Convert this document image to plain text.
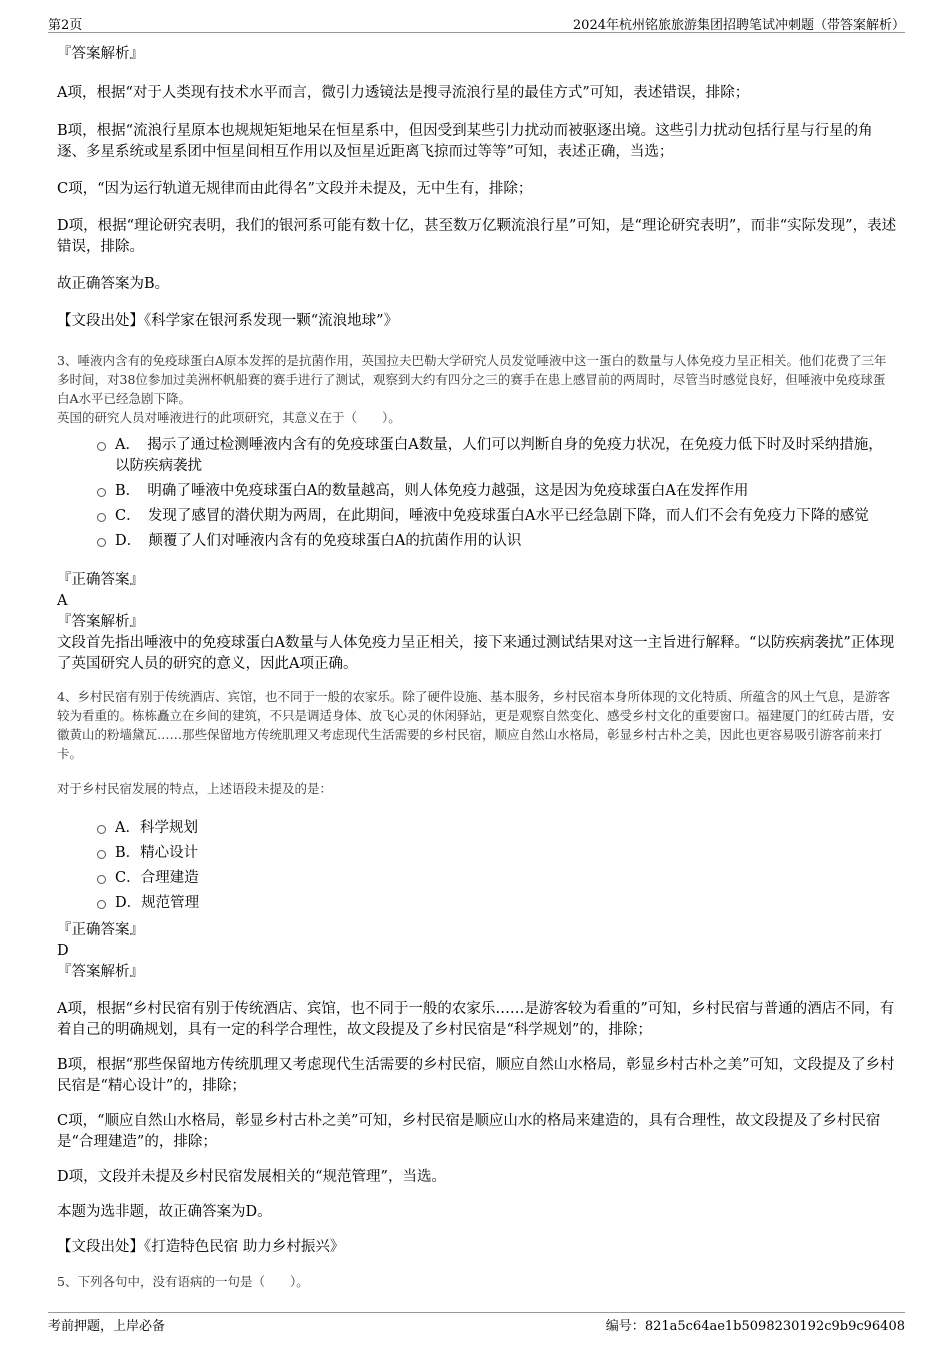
第2页	2024年杭州铭旅旅游集团招聘笔试冲刺题（带答案解析）

『答案解析』

A项，根据“对于人类现有技术水平而言，微引力透镜法是搜寻流浪行星的最佳方式”可知，表述错误，排除；

B项，根据“流浪行星原本也规规矩矩地呆在恒星系中，但因受到某些引力扰动而被驱逐出境。这些引力扰动包括行星与行星的角逐、多星系统或星系团中恒星间相互作用以及恒星近距离飞掠而过等等”可知，表述正确，当选；

C项，“因为运行轨道无规律而由此得名”文段并未提及，无中生有，排除；

D项，根据“理论研究表明，我们的银河系可能有数十亿，甚至数万亿颗流浪行星”可知，是“理论研究表明”，而非“实际发现”，表述错误，排除。

故正确答案为B。

【文段出处】《科学家在银河系发现一颗“流浪地球”》

3、唾液内含有的免疫球蛋白A原本发挥的是抗菌作用，英国拉夫巴勒大学研究人员发觉唾液中这一蛋白的数量与人体免疫力呈正相关。他们花费了三年多时间，对38位参加过美洲杯帆船赛的赛手进行了测试，观察到大约有四分之三的赛手在患上感冒前的两周时，尽管当时感觉良好，但唾液中免疫球蛋白A水平已经急剧下降。

英国的研究人员对唾液进行的此项研究，其意义在于（　　）。

A．　揭示了通过检测唾液内含有的免疫球蛋白A数量，人们可以判断自身的免疫力状况，在免疫力低下时及时采纳措施，以防疾病袭扰
B．　明确了唾液中免疫球蛋白A的数量越高，则人体免疫力越强，这是因为免疫球蛋白A在发挥作用
C．　发现了感冒的潜伏期为两周，在此期间，唾液中免疫球蛋白A水平已经急剧下降，而人们不会有免疫力下降的感觉
D．　颠覆了人们对唾液内含有的免疫球蛋白A的抗菌作用的认识

『正确答案』

A

『答案解析』

文段首先指出唾液中的免疫球蛋白A数量与人体免疫力呈正相关，接下来通过测试结果对这一主旨进行解释。“以防疾病袭扰”正体现了英国研究人员的研究的意义，因此A项正确。

4、乡村民宿有别于传统酒店、宾馆，也不同于一般的农家乐。除了硬件设施、基本服务，乡村民宿本身所体现的文化特质、所蕴含的风土气息，是游客较为看重的。栋栋矗立在乡间的建筑，不只是调适身体、放飞心灵的休闲驿站，更是观察自然变化、感受乡村文化的重要窗口。福建厦门的红砖古厝，安徽黄山的粉墙黛瓦……那些保留地方传统肌理又考虑现代生活需要的乡村民宿，顺应自然山水格局，彰显乡村古朴之美，因此也更容易吸引游客前来打卡。

对于乡村民宿发展的特点，上述语段未提及的是：

A．科学规划
B．精心设计
C．合理建造
D．规范管理

『正确答案』

D

『答案解析』

A项，根据“乡村民宿有别于传统酒店、宾馆，也不同于一般的农家乐……是游客较为看重的”可知，乡村民宿与普通的酒店不同，有着自己的明确规划，具有一定的科学合理性，故文段提及了乡村民宿是“科学规划”的，排除；

B项，根据“那些保留地方传统肌理又考虑现代生活需要的乡村民宿，顺应自然山水格局，彰显乡村古朴之美”可知，文段提及了乡村民宿是“精心设计”的，排除；

C项，“顺应自然山水格局，彰显乡村古朴之美”可知，乡村民宿是顺应山水的格局来建造的，具有合理性，故文段提及了乡村民宿是“合理建造”的，排除；

D项，文段并未提及乡村民宿发展相关的“规范管理”，当选。

本题为选非题，故正确答案为D。

【文段出处】《打造特色民宿 助力乡村振兴》

5、下列各句中，没有语病的一句是（　　）。

考前押题，上岸必备	编号：821a5c64ae1b5098230192c9b9c96408
